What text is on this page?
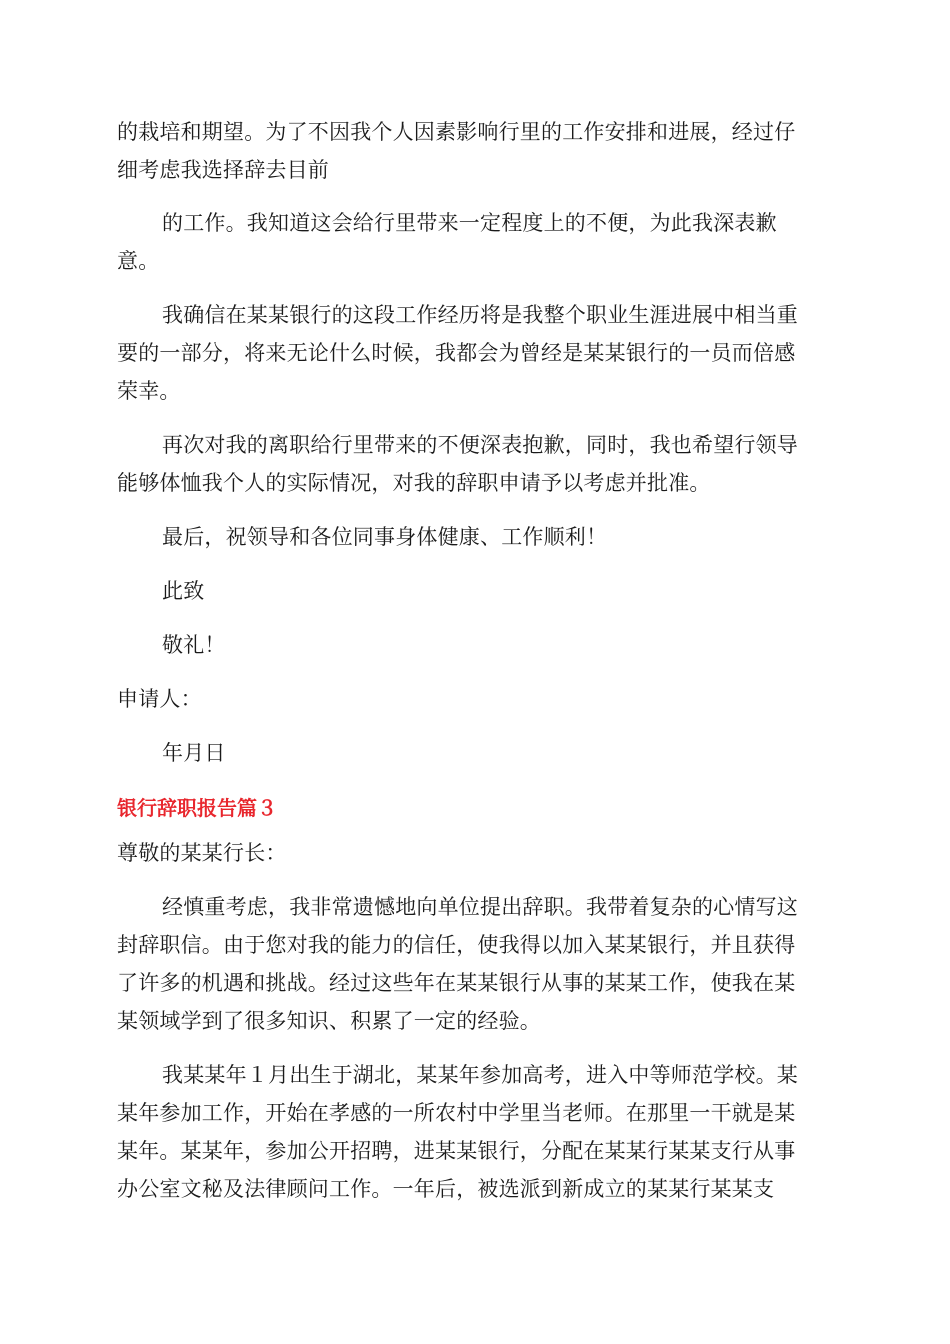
的栽培和期望。为了不因我个人因素影响行里的工作安排和进展，经过仔
细考虑我选择辞去目前
的工作。我知道这会给行里带来一定程度上的不便，为此我深表歉
意。
我确信在某某银行的这段工作经历将是我整个职业生涯进展中相当重
要的一部分，将来无论什么时候，我都会为曾经是某某银行的一员而倍感
荣幸。
再次对我的离职给行里带来的不便深表抱歉，同时，我也希望行领导
能够体恤我个人的实际情况，对我的辞职申请予以考虑并批准。
最后，祝领导和各位同事身体健康、工作顺利！
此致
敬礼！
申请人：
年月日
银行辞职报告篇３
尊敬的某某行长：
经慎重考虑，我非常遗憾地向单位提出辞职。我带着复杂的心情写这
封辞职信。由于您对我的能力的信任，使我得以加入某某银行，并且获得
了许多的机遇和挑战。经过这些年在某某银行从事的某某工作，使我在某
某领域学到了很多知识、积累了一定的经验。
我某某年１月出生于湖北，某某年参加高考，进入中等师范学校。某
某年参加工作，开始在孝感的一所农村中学里当老师。在那里一干就是某
某年。某某年，参加公开招聘，进某某银行，分配在某某行某某支行从事
办公室文秘及法律顾问工作。一年后，被选派到新成立的某某行某某支
